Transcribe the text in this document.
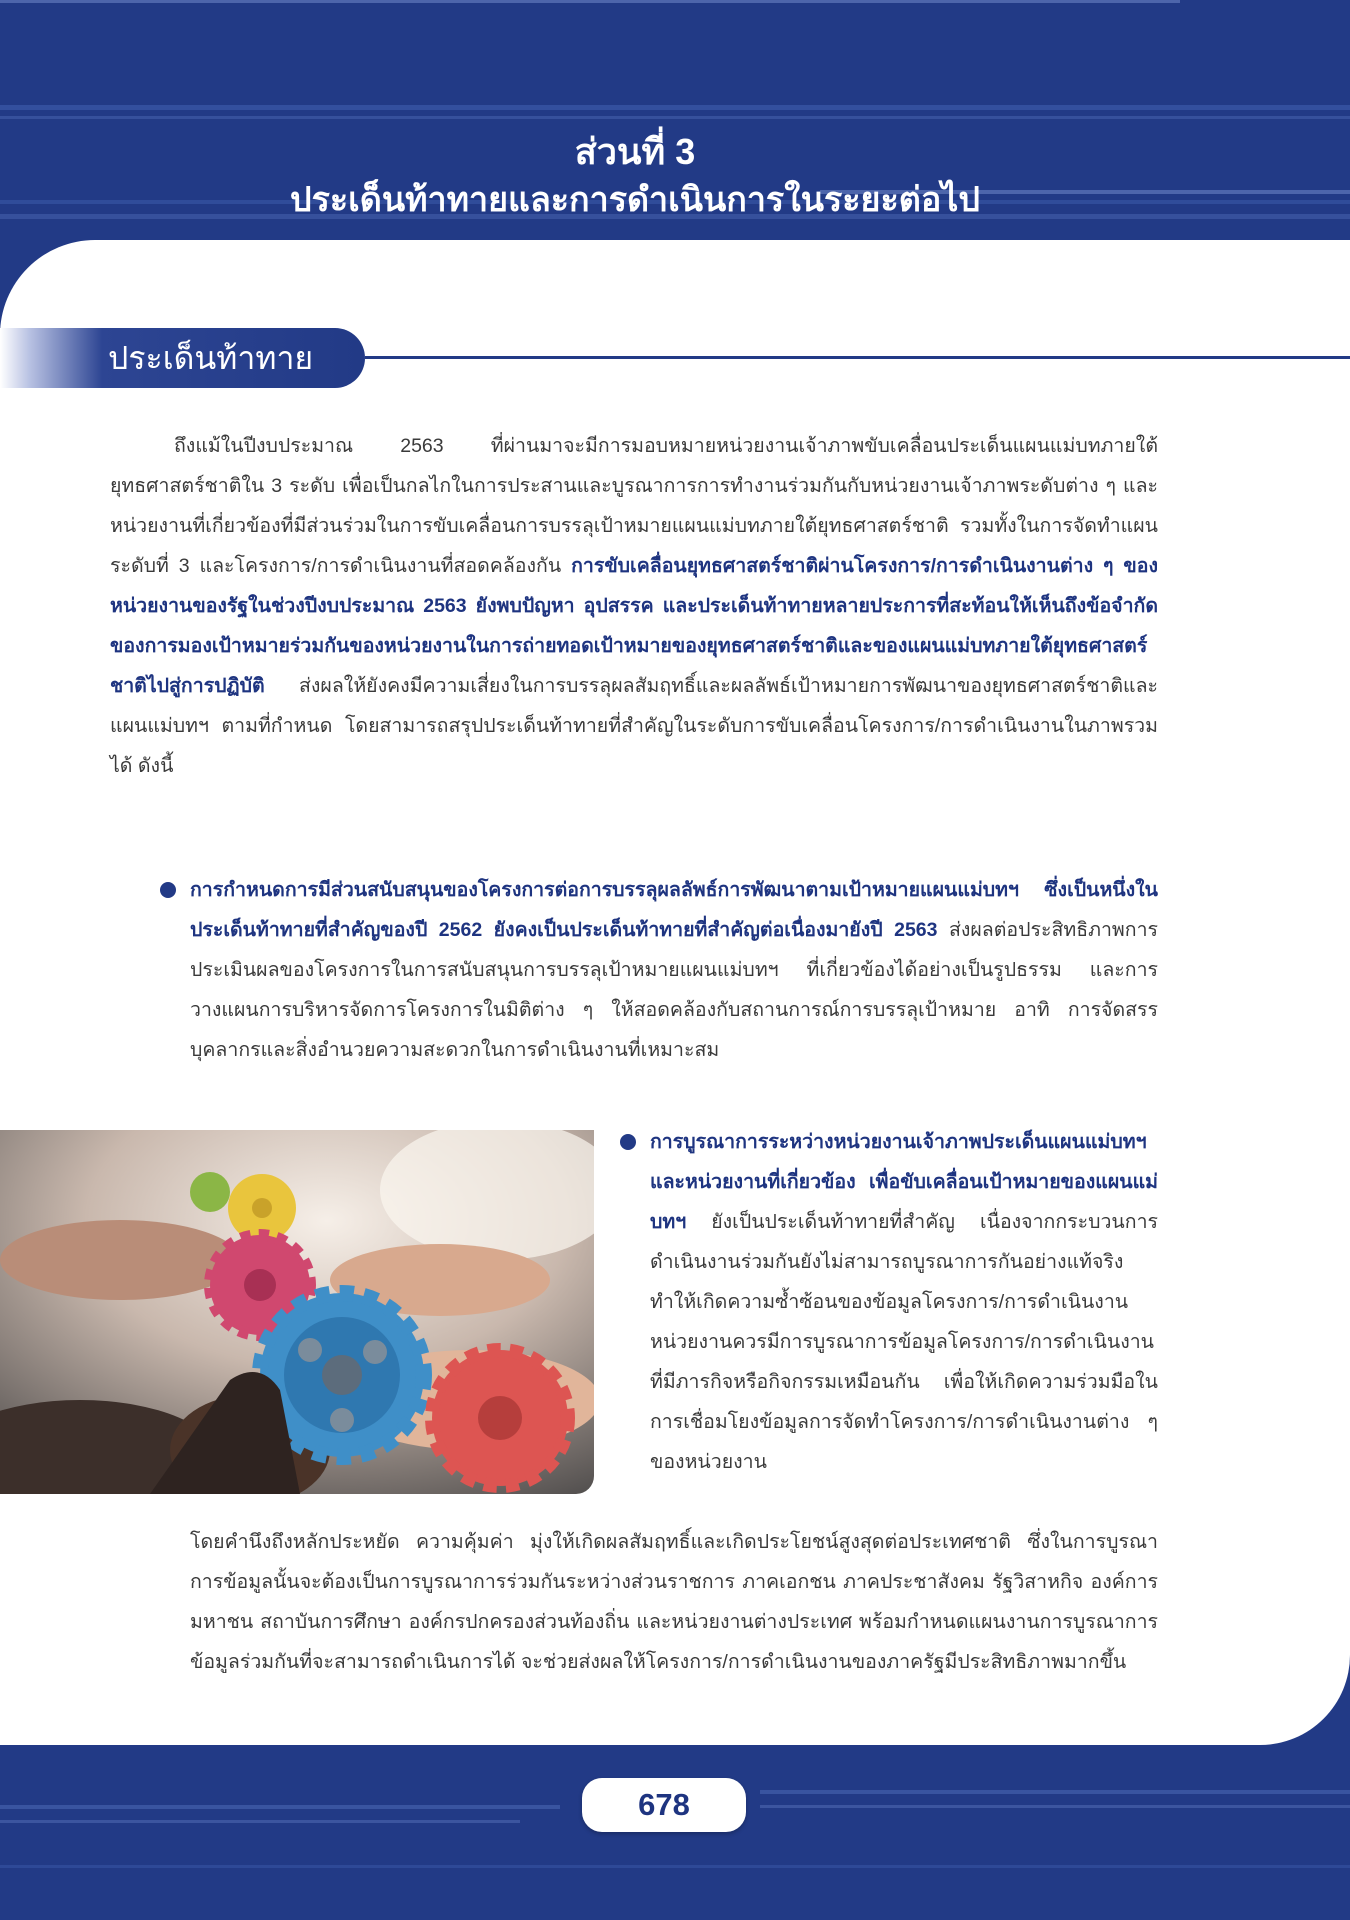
ส่วนที่ 3
ประเด็นท้าทายและการดำเนินการในระยะต่อไป
ประเด็นท้าทาย

ถึงแม้ในปีงบประมาณ 2563 ที่ผ่านมาจะมีการมอบหมายหน่วยงานเจ้าภาพขับเคลื่อนประเด็นแผนแม่บทภายใต้ยุทธศาสตร์ชาติใน 3 ระดับ เพื่อเป็นกลไกในการประสานและบูรณาการการทำงานร่วมกันกับหน่วยงานเจ้าภาพระดับต่าง ๆ และหน่วยงานที่เกี่ยวข้องที่มีส่วนร่วมในการขับเคลื่อนการบรรลุเป้าหมายแผนแม่บทภายใต้ยุทธศาสตร์ชาติ รวมทั้งในการจัดทำแผนระดับที่ 3 และโครงการ/การดำเนินงานที่สอดคล้องกัน การขับเคลื่อนยุทธศาสตร์ชาติผ่านโครงการ/การดำเนินงานต่าง ๆ ของหน่วยงานของรัฐในช่วงปีงบประมาณ 2563 ยังพบปัญหา อุปสรรค และประเด็นท้าทายหลายประการที่สะท้อนให้เห็นถึงข้อจำกัดของการมองเป้าหมายร่วมกันของหน่วยงานในการถ่ายทอดเป้าหมายของยุทธศาสตร์ชาติและของแผนแม่บทภายใต้ยุทธศาสตร์ชาติไปสู่การปฏิบัติ ส่งผลให้ยังคงมีความเสี่ยงในการบรรลุผลสัมฤทธิ์และผลลัพธ์เป้าหมายการพัฒนาของยุทธศาสตร์ชาติและแผนแม่บทฯ ตามที่กำหนด โดยสามารถสรุปประเด็นท้าทายที่สำคัญในระดับการขับเคลื่อนโครงการ/การดำเนินงานในภาพรวมได้ ดังนี้

การกำหนดการมีส่วนสนับสนุนของโครงการต่อการบรรลุผลลัพธ์การพัฒนาตามเป้าหมายแผนแม่บทฯ ซึ่งเป็นหนึ่งในประเด็นท้าทายที่สำคัญของปี 2562 ยังคงเป็นประเด็นท้าทายที่สำคัญต่อเนื่องมายังปี 2563 ส่งผลต่อประสิทธิภาพการประเมินผลของโครงการในการสนับสนุนการบรรลุเป้าหมายแผนแม่บทฯ ที่เกี่ยวข้องได้อย่างเป็นรูปธรรม และการวางแผนการบริหารจัดการโครงการในมิติต่าง ๆ ให้สอดคล้องกับสถานการณ์การบรรลุเป้าหมาย อาทิ การจัดสรรบุคลากรและสิ่งอำนวยความสะดวกในการดำเนินงานที่เหมาะสม

การบูรณาการระหว่างหน่วยงานเจ้าภาพประเด็นแผนแม่บทฯ และหน่วยงานที่เกี่ยวข้อง เพื่อขับเคลื่อนเป้าหมายของแผนแม่บทฯ ยังเป็นประเด็นท้าทายที่สำคัญ เนื่องจากกระบวนการดำเนินงานร่วมกันยังไม่สามารถบูรณาการกันอย่างแท้จริง ทำให้เกิดความซ้ำซ้อนของข้อมูลโครงการ/การดำเนินงาน หน่วยงานควรมีการบูรณาการข้อมูลโครงการ/การดำเนินงานที่มีภารกิจหรือกิจกรรมเหมือนกัน เพื่อให้เกิดความร่วมมือในการเชื่อมโยงข้อมูลการจัดทำโครงการ/การดำเนินงานต่าง ๆ ของหน่วยงาน

โดยคำนึงถึงหลักประหยัด ความคุ้มค่า มุ่งให้เกิดผลสัมฤทธิ์และเกิดประโยชน์สูงสุดต่อประเทศชาติ ซึ่งในการบูรณาการข้อมูลนั้นจะต้องเป็นการบูรณาการร่วมกันระหว่างส่วนราชการ ภาคเอกชน ภาคประชาสังคม รัฐวิสาหกิจ องค์การมหาชน สถาบันการศึกษา องค์กรปกครองส่วนท้องถิ่น และหน่วยงานต่างประเทศ พร้อมกำหนดแผนงานการบูรณาการข้อมูลร่วมกันที่จะสามารถดำเนินการได้ จะช่วยส่งผลให้โครงการ/การดำเนินงานของภาครัฐมีประสิทธิภาพมากขึ้น

678
